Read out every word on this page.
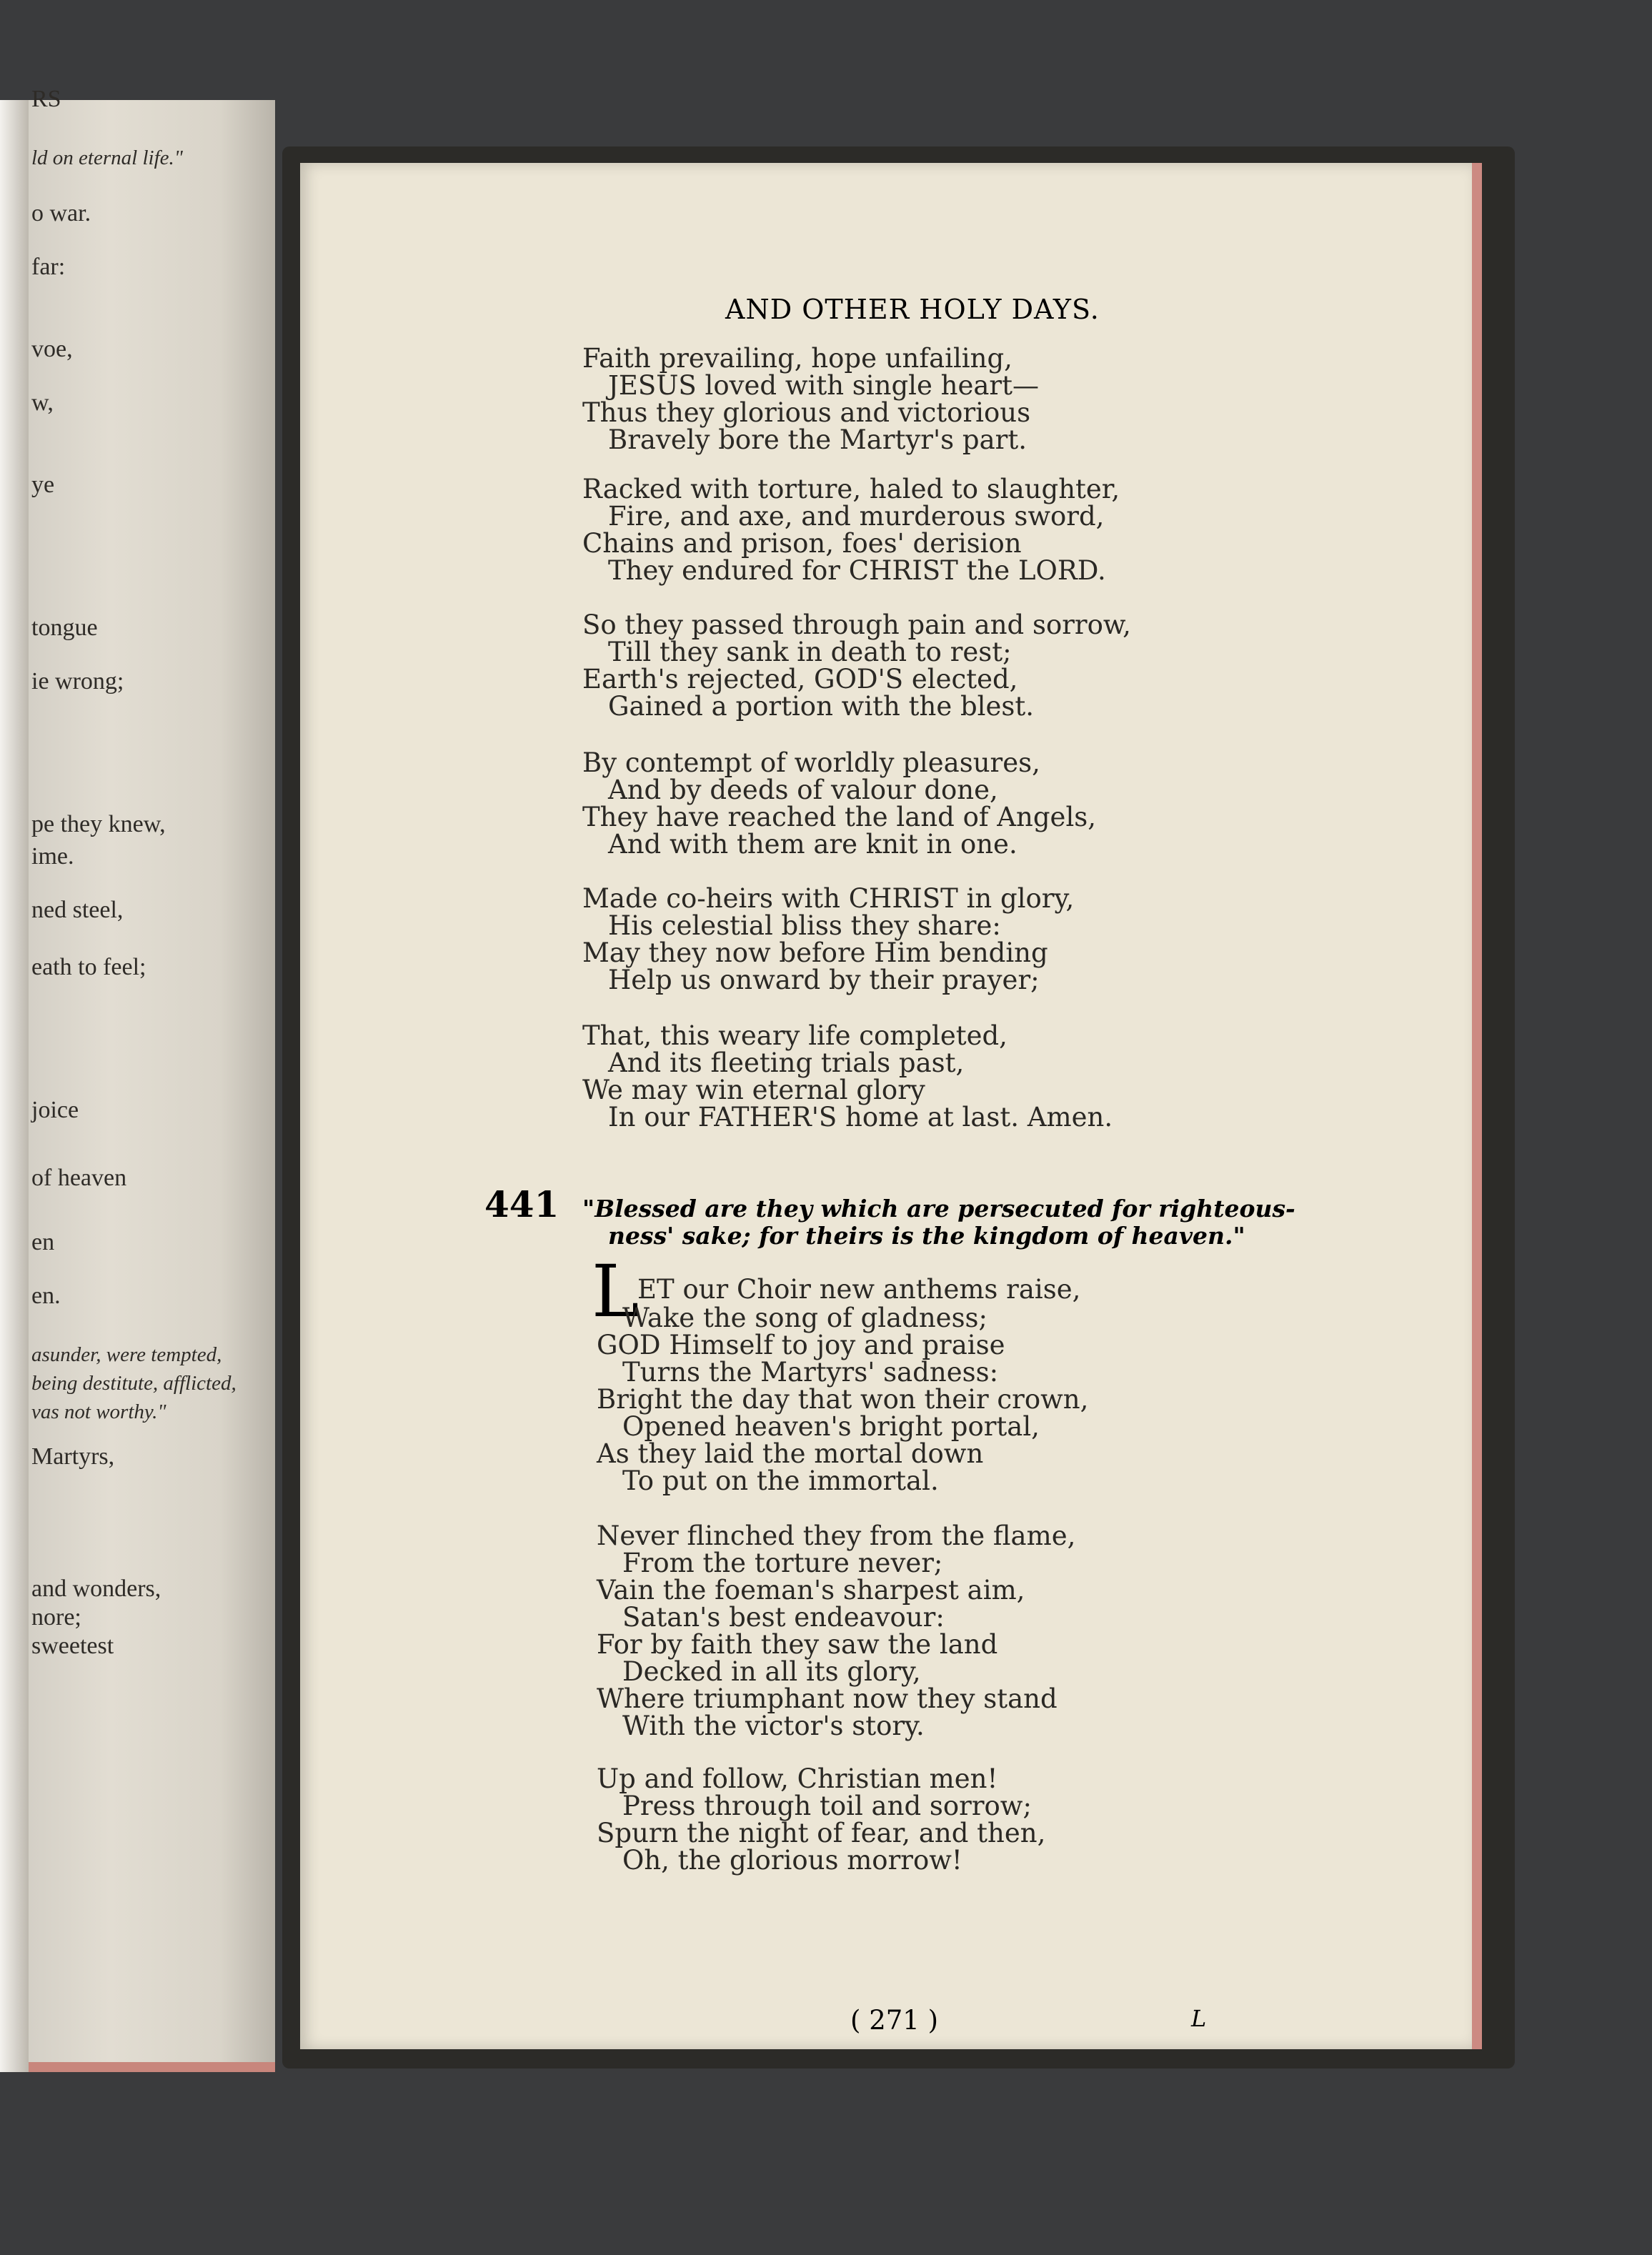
RS
ld on eternal life."
o war.
far:
voe,
w,
ye
tongue
ie wrong;
pe they knew,
ime.
ned steel,
eath to feel;
joice
of heaven
en
en.
asunder, were tempted,
being destitute, afflicted,
vas not worthy."
Martyrs,
and wonders,
nore;
sweetest
AND OTHER HOLY DAYS.
Faith prevailing, hope unfailing,
JESUS loved with single heart—
Thus they glorious and victorious
Bravely bore the Martyr's part.
Racked with torture, haled to slaughter,
Fire, and axe, and murderous sword,
Chains and prison, foes' derision
They endured for CHRIST the LORD.
So they passed through pain and sorrow,
Till they sank in death to rest;
Earth's rejected, GOD'S elected,
Gained a portion with the blest.
By contempt of worldly pleasures,
And by deeds of valour done,
They have reached the land of Angels,
And with them are knit in one.
Made co-heirs with CHRIST in glory,
His celestial bliss they share:
May they now before Him bending
Help us onward by their prayer;
That, this weary life completed,
And its fleeting trials past,
We may win eternal glory
In our FATHER'S home at last. Amen.
441 "Blessed are they which are persecuted for righteous-
ness' sake; for theirs is the kingdom of heaven."
L
ET our Choir new anthems raise,
Wake the song of gladness;
GOD Himself to joy and praise
Turns the Martyrs' sadness:
Bright the day that won their crown,
Opened heaven's bright portal,
As they laid the mortal down
To put on the immortal.
Never flinched they from the flame,
From the torture never;
Vain the foeman's sharpest aim,
Satan's best endeavour:
For by faith they saw the land
Decked in all its glory,
Where triumphant now they stand
With the victor's story.
Up and follow, Christian men!
Press through toil and sorrow;
Spurn the night of fear, and then,
Oh, the glorious morrow!
( 271 )	L
